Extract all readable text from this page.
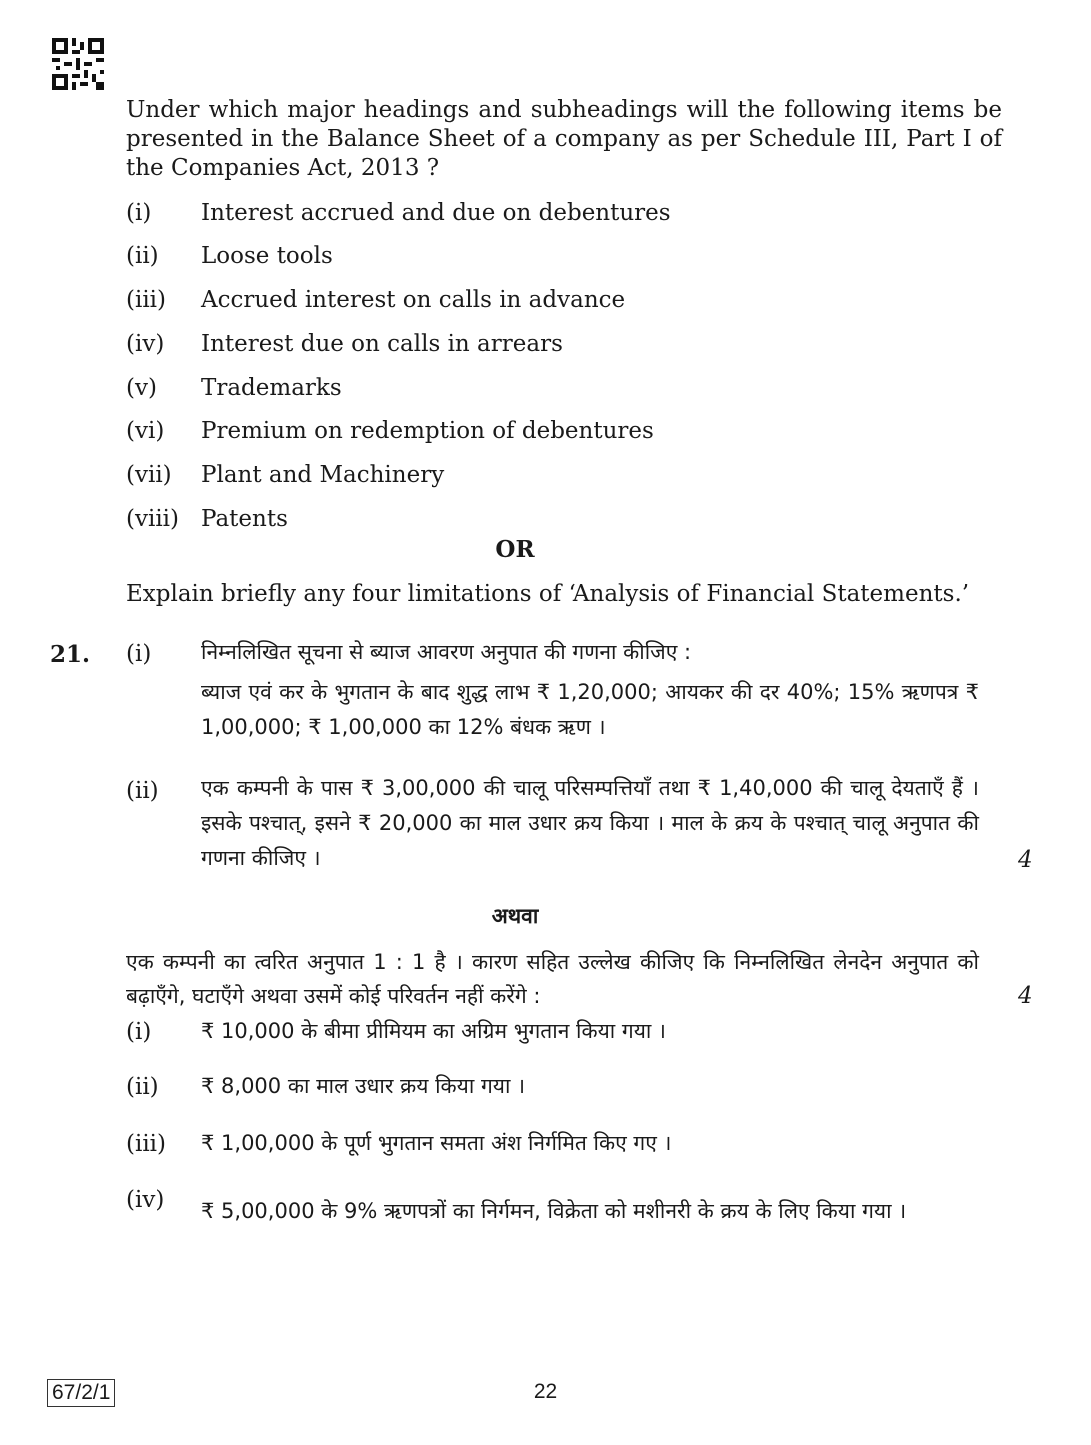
Under which major headings and subheadings will the following items be presented in the Balance Sheet of a company as per Schedule III, Part I of the Companies Act, 2013 ?
(i) Interest accrued and due on debentures
(ii) Loose tools
(iii) Accrued interest on calls in advance
(iv) Interest due on calls in arrears
(v) Trademarks
(vi) Premium on redemption of debentures
(vii) Plant and Machinery
(viii) Patents
OR
Explain briefly any four limitations of ‘Analysis of Financial Statements.’
21. (i) निम्नलिखित सूचना से ब्याज आवरण अनुपात की गणना कीजिए :
ब्याज एवं कर के भुगतान के बाद शुद्ध लाभ ₹ 1,20,000; आयकर की दर 40%; 15% ऋणपत्र ₹ 1,00,000; ₹ 1,00,000 का 12% बंधक ऋण ।
(ii) एक कम्पनी के पास ₹ 3,00,000 की चालू परिसम्पत्तियाँ तथा ₹ 1,40,000 की चालू देयताएँ हैं । इसके पश्चात्, इसने ₹ 20,000 का माल उधार क्रय किया । माल के क्रय के पश्चात् चालू अनुपात की गणना कीजिए ।	4
अथवा
एक कम्पनी का त्वरित अनुपात 1 : 1 है । कारण सहित उल्लेख कीजिए कि निम्नलिखित लेनदेन अनुपात को बढ़ाएँगे, घटाएँगे अथवा उसमें कोई परिवर्तन नहीं करेंगे :	4
(i) ₹ 10,000 के बीमा प्रीमियम का अग्रिम भुगतान किया गया ।
(ii) ₹ 8,000 का माल उधार क्रय किया गया ।
(iii) ₹ 1,00,000 के पूर्ण भुगतान समता अंश निर्गमित किए गए ।
(iv) ₹ 5,00,000 के 9% ऋणपत्रों का निर्गमन, विक्रेता को मशीनरी के क्रय के लिए किया गया ।
67/2/1	22
